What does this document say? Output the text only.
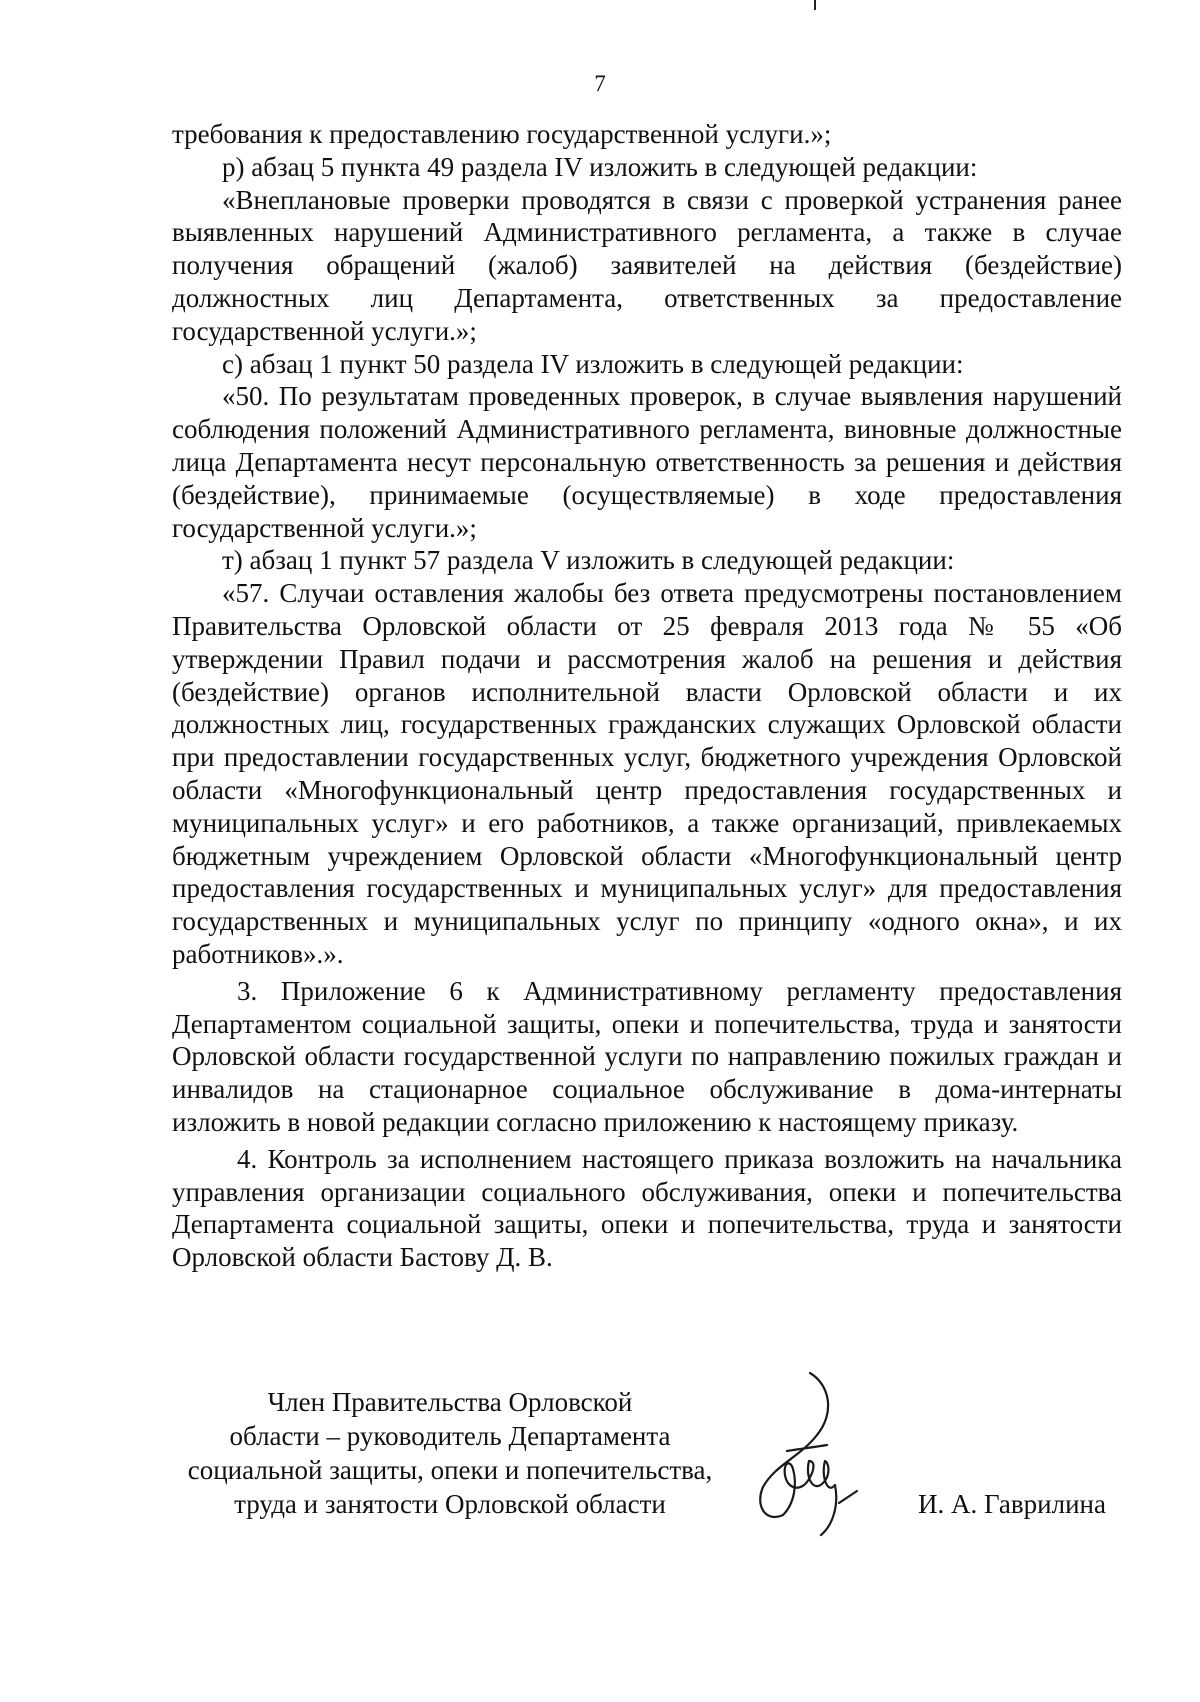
7

требования к предоставлению государственной услуги.»;

р) абзац 5 пункта 49 раздела IV изложить в следующей редакции:

«Внеплановые проверки проводятся в связи с проверкой устранения ранее выявленных нарушений Административного регламента, а также в случае получения обращений (жалоб) заявителей на действия (бездействие) должностных лиц Департамента, ответственных за предоставление государственной услуги.»;

с) абзац 1 пункт 50 раздела IV изложить в следующей редакции:

«50. По результатам проведенных проверок, в случае выявления нарушений соблюдения положений Административного регламента, виновные должностные лица Департамента несут персональную ответственность за решения и действия (бездействие), принимаемые (осуществляемые) в ходе предоставления государственной услуги.»;

т) абзац 1 пункт 57 раздела V изложить в следующей редакции:

«57. Случаи оставления жалобы без ответа предусмотрены постановлением Правительства Орловской области от 25 февраля 2013 года № 55 «Об утверждении Правил подачи и рассмотрения жалоб на решения и действия (бездействие) органов исполнительной власти Орловской области и их должностных лиц, государственных гражданских служащих Орловской области при предоставлении государственных услуг, бюджетного учреждения Орловской области «Многофункциональный центр предоставления государственных и муниципальных услуг» и его работников, а также организаций, привлекаемых бюджетным учреждением Орловской области «Многофункциональный центр предоставления государственных и муниципальных услуг» для предоставления государственных и муниципальных услуг по принципу «одного окна», и их работников».».

3. Приложение 6 к Административному регламенту предоставления Департаментом социальной защиты, опеки и попечительства, труда и занятости Орловской области государственной услуги по направлению пожилых граждан и инвалидов на стационарное социальное обслуживание в дома-интернаты изложить в новой редакции согласно приложению к настоящему приказу.

4. Контроль за исполнением настоящего приказа возложить на начальника управления организации социального обслуживания, опеки и попечительства Департамента социальной защиты, опеки и попечительства, труда и занятости Орловской области Бастову Д. В.

Член Правительства Орловской
области – руководитель Департамента
социальной защиты, опеки и попечительства,
труда и занятости Орловской области	И. А. Гаврилина
